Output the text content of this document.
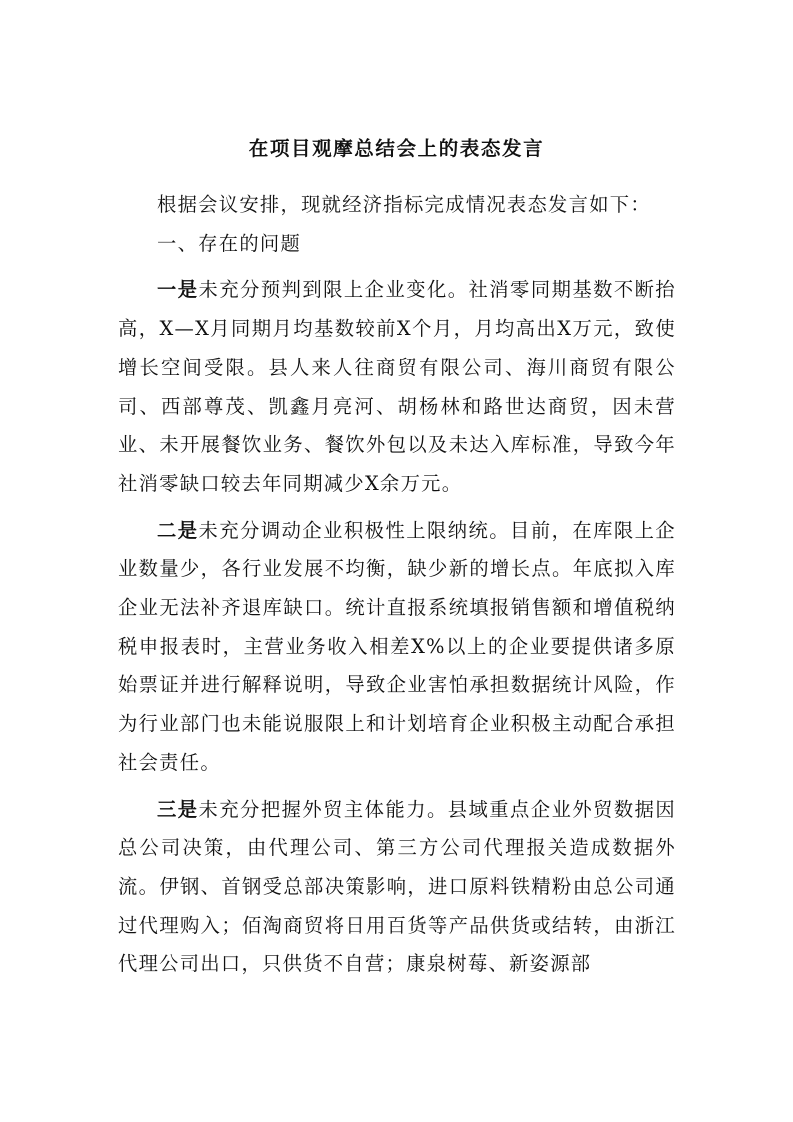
在项目观摩总结会上的表态发言

根据会议安排，现就经济指标完成情况表态发言如下：

一、存在的问题

一是未充分预判到限上企业变化。社消零同期基数不断抬高，X—X月同期月均基数较前X个月，月均高出X万元，致使增长空间受限。县人来人往商贸有限公司、海川商贸有限公司、西部尊茂、凯鑫月亮河、胡杨林和路世达商贸，因未营业、未开展餐饮业务、餐饮外包以及未达入库标准，导致今年社消零缺口较去年同期减少X余万元。

二是未充分调动企业积极性上限纳统。目前，在库限上企业数量少，各行业发展不均衡，缺少新的增长点。年底拟入库企业无法补齐退库缺口。统计直报系统填报销售额和增值税纳税申报表时，主营业务收入相差X%以上的企业要提供诸多原始票证并进行解释说明，导致企业害怕承担数据统计风险，作为行业部门也未能说服限上和计划培育企业积极主动配合承担社会责任。

三是未充分把握外贸主体能力。县域重点企业外贸数据因总公司决策，由代理公司、第三方公司代理报关造成数据外流。伊钢、首钢受总部决策影响，进口原料铁精粉由总公司通过代理购入；佰淘商贸将日用百货等产品供货或结转，由浙江代理公司出口，只供货不自营；康泉树莓、新姿源部
